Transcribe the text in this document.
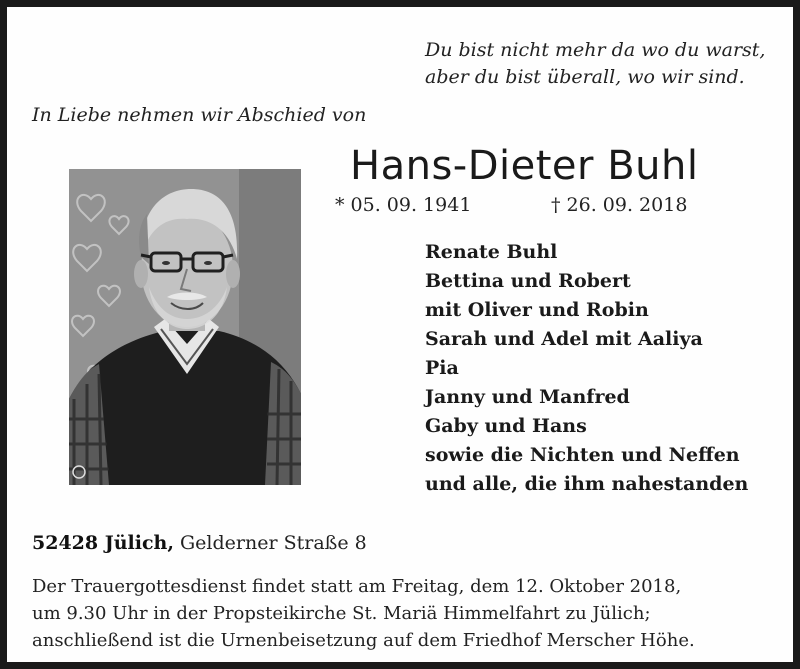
Du bist nicht mehr da wo du warst,
aber du bist überall, wo wir sind.
In Liebe nehmen wir Abschied von
Hans-Dieter Buhl
* 05. 09. 1941	† 26. 09. 2018
Renate Buhl
Bettina und Robert
mit Oliver und Robin
Sarah und Adel mit Aaliya
Pia
Janny und Manfred
Gaby und Hans
sowie die Nichten und Neffen
und alle, die ihm nahestanden
52428 Jülich, Gelderner Straße 8
Der Trauergottesdienst findet statt am Freitag, dem 12. Oktober 2018,
um 9.30 Uhr in der Propsteikirche St. Mariä Himmelfahrt zu Jülich;
anschließend ist die Urnenbeisetzung auf dem Friedhof Merscher Höhe.
